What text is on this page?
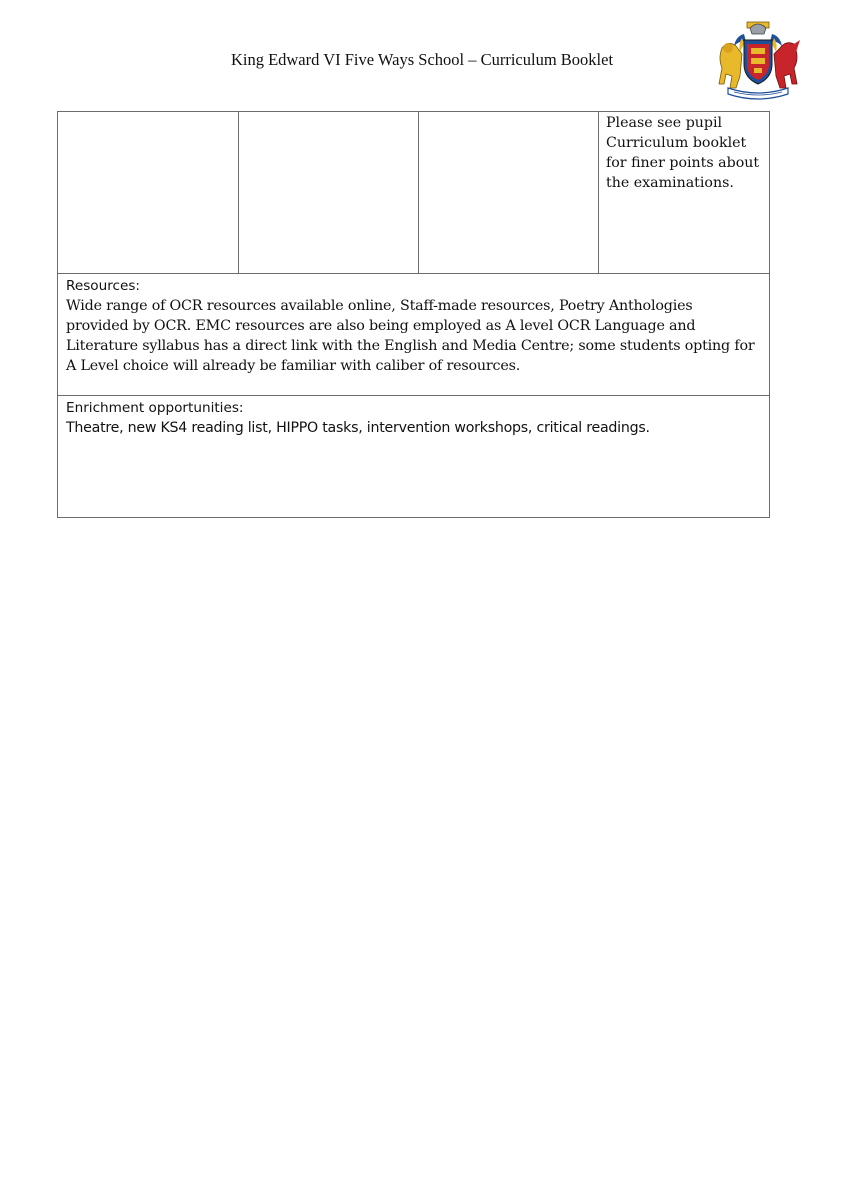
King Edward VI Five Ways School – Curriculum Booklet

Please see pupil
Curriculum booklet
for finer points about
the examinations.

Resources:
Wide range of OCR resources available online, Staff-made resources, Poetry Anthologies
provided by OCR. EMC resources are also being employed as A level OCR Language and
Literature syllabus has a direct link with the English and Media Centre; some students opting for
A Level choice will already be familiar with caliber of resources.

Enrichment opportunities:
Theatre, new KS4 reading list, HIPPO tasks, intervention workshops, critical readings.
